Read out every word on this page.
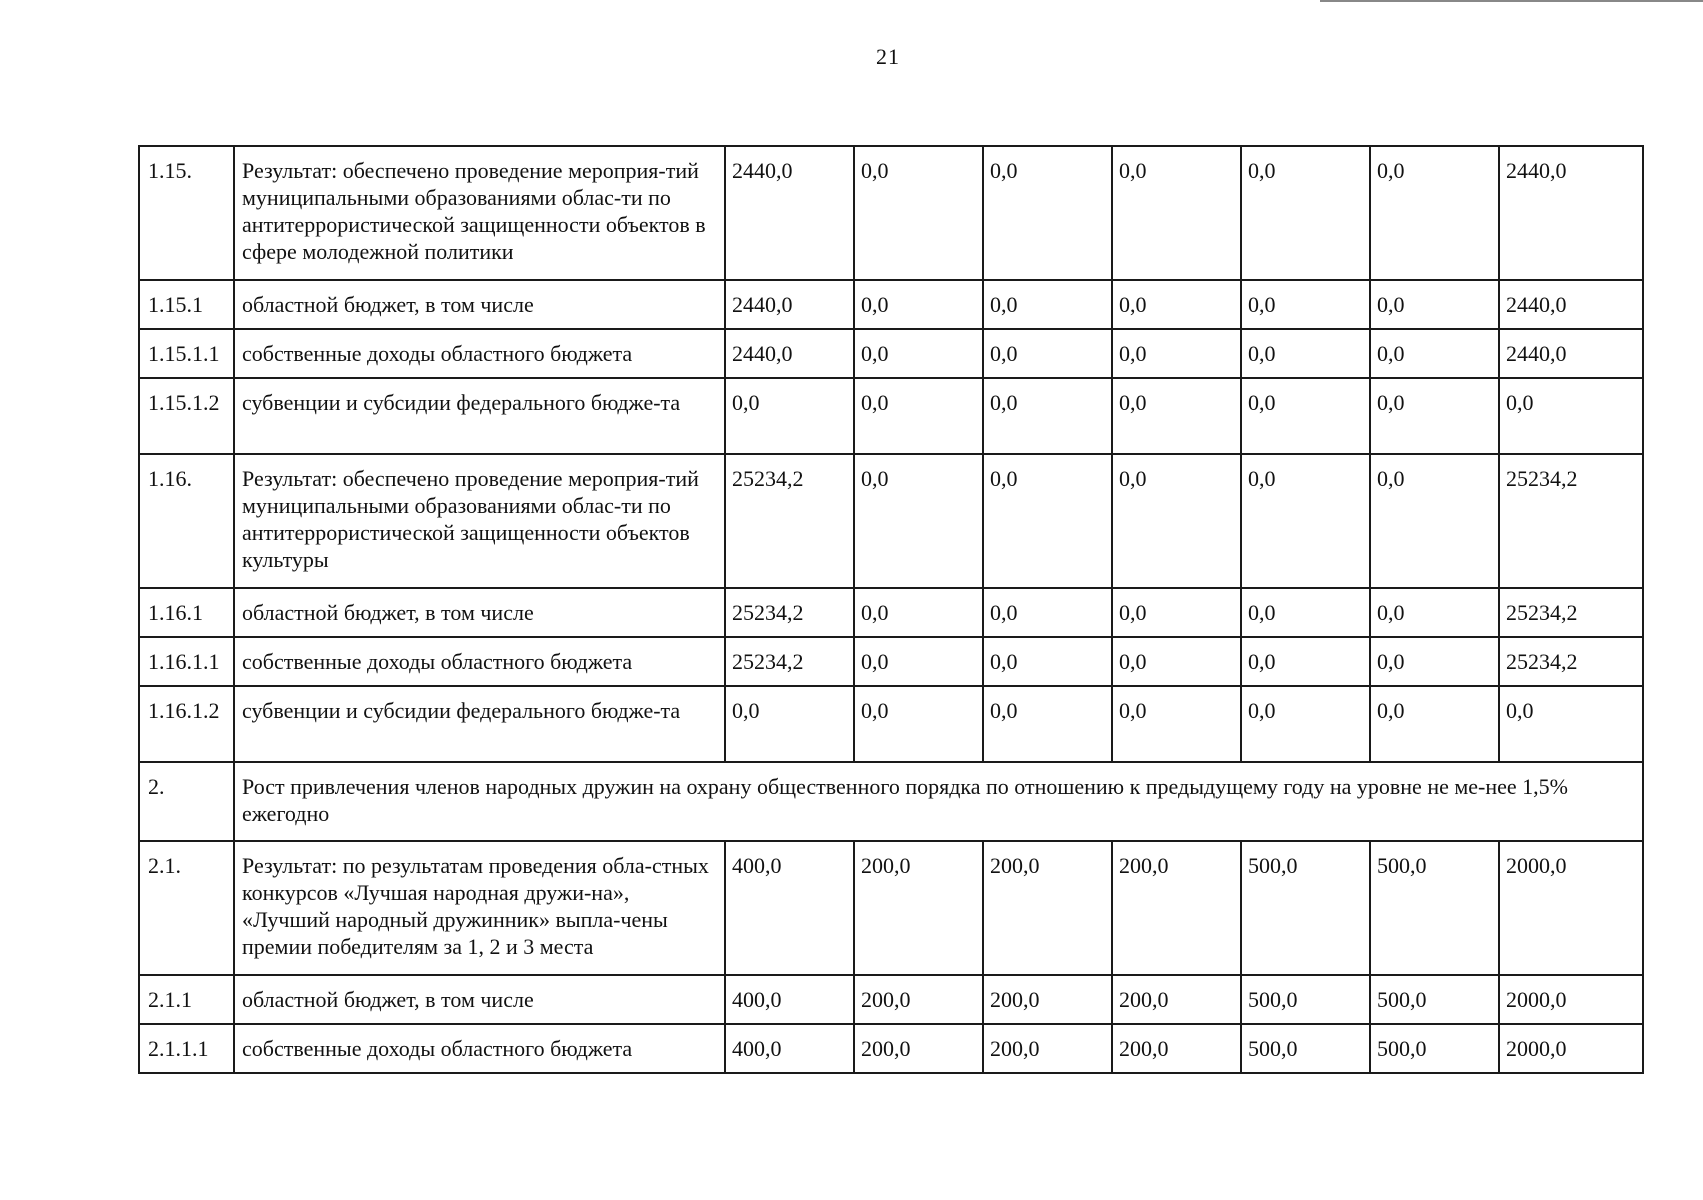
21
1.15.	Результат: обеспечено проведение мероприя-тий муниципальными образованиями облас-ти по антитеррористической защищенности объектов в сфере молодежной политики	2440,0	0,0	0,0	0,0	0,0	0,0	2440,0
1.15.1	областной бюджет, в том числе	2440,0	0,0	0,0	0,0	0,0	0,0	2440,0
1.15.1.1	собственные доходы областного бюджета	2440,0	0,0	0,0	0,0	0,0	0,0	2440,0
1.15.1.2	субвенции и субсидии федерального бюдже-та	0,0	0,0	0,0	0,0	0,0	0,0	0,0
1.16.	Результат: обеспечено проведение мероприя-тий муниципальными образованиями облас-ти по антитеррористической защищенности объектов культуры	25234,2	0,0	0,0	0,0	0,0	0,0	25234,2
1.16.1	областной бюджет, в том числе	25234,2	0,0	0,0	0,0	0,0	0,0	25234,2
1.16.1.1	собственные доходы областного бюджета	25234,2	0,0	0,0	0,0	0,0	0,0	25234,2
1.16.1.2	субвенции и субсидии федерального бюдже-та	0,0	0,0	0,0	0,0	0,0	0,0	0,0
2.	Рост привлечения членов народных дружин на охрану общественного порядка по отношению к предыдущему году на уровне не ме-нее 1,5% ежегодно							
2.1.	Результат: по результатам проведения обла-стных конкурсов «Лучшая народная дружи-на», «Лучший народный дружинник» выпла-чены премии победителям за 1, 2 и 3 места	400,0	200,0	200,0	200,0	500,0	500,0	2000,0
2.1.1	областной бюджет, в том числе	400,0	200,0	200,0	200,0	500,0	500,0	2000,0
2.1.1.1	собственные доходы областного бюджета	400,0	200,0	200,0	200,0	500,0	500,0	2000,0
